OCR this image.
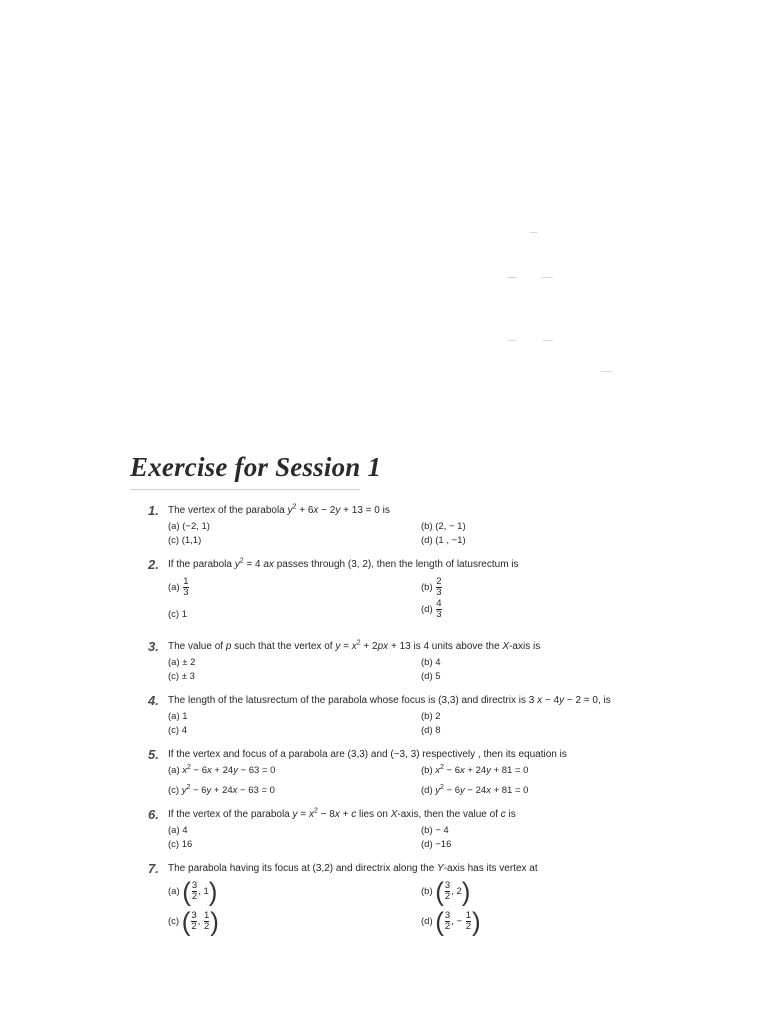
Exercise for Session 1
1. The vertex of the parabola $y^2 + 6x - 2y + 13 = 0$ is
(a) (−2, 1)	(b) (2, − 1)
(c) (1,1)	(d) (1 , −1)
2. If the parabola $y^2 = 4$ ax passes through (3, 2), then the length of latusrectum is
$(a) \frac{1}{3}$	$(b) \frac{2}{3}$
(c) 1	$(d) \frac{4}{3}$
3. The value of p such that the vertex of $y = x^2 + 2px + 13$ is 4 units above the X-axis is
(a) ± 2	(b) 4
(c) ± 3	(d) 5
4. The length of the latusrectum of the parabola whose focus is (3,3) and directrix is 3 x − 4y − 2 = 0, is
(a) 1	(b) 2
(c) 4	(d) 8
5. If the vertex and focus of a parabola are (3,3) and (−3, 3) respectively , then its equation is
(a) $x^2 - 6x + 24y - 63 = 0$	(b) $x^2 - 6x + 24y + 81 = 0$
(c) $y^2 - 6y + 24x - 63 = 0$	(d) $y^2 - 6y - 24x + 81 = 0$
6. If the vertex of the parabola $y = x^2 - 8x + c$ lies on X-axis, then the value of c is
(a) 4	(b) − 4
(c) 16	(d) −16
7. The parabola having its focus at (3,2) and directrix along the Y-axis has its vertex at
(a) ( $\frac{3}{2}$ , 1)	(b) ( $\frac{3}{2}$ , 2)
(c) ( $\frac{3}{2}$ , $\frac{1}{2}$ )	(d) ( $\frac{3}{2}$ , − $\frac{1}{2}$ )
